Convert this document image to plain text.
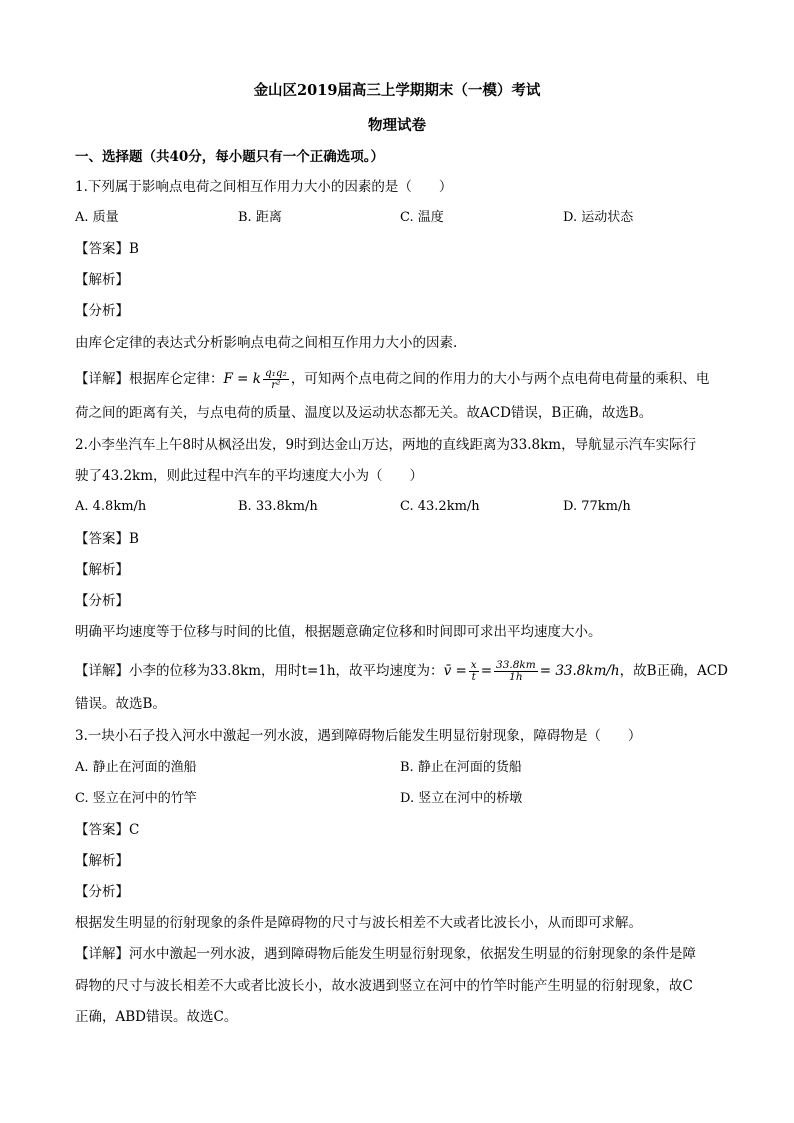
金山区2019届高三上学期期末（一模）考试
物理试卷
一、选择题（共40分，每小题只有一个正确选项。）
1.下列属于影响点电荷之间相互作用力大小的因素的是（　　）
A. 质量	B. 距离	C. 温度	D. 运动状态
【答案】B
【解析】
【分析】
由库仑定律的表达式分析影响点电荷之间相互作用力大小的因素.
【详解】根据库仑定律：F = k $\frac{\text{q₁q₂}}{\text{r²}}$ ，可知两个点电荷之间的作用力的大小与两个点电荷电荷量的乘积、电
荷之间的距离有关，与点电荷的质量、温度以及运动状态都无关。故ACD错误，B正确，故选B。
2.小李坐汽车上午8时从枫泾出发，9时到达金山万达，两地的直线距离为33.8km，导航显示汽车实际行
驶了43.2km，则此过程中汽车的平均速度大小为（　　）
A. 4.8km/h	B. 33.8km/h	C. 43.2km/h	D. 77km/h
【答案】B
【解析】
【分析】
明确平均速度等于位移与时间的比值，根据题意确定位移和时间即可求出平均速度大小。
【详解】小李的位移为33.8km，用时t=1h，故平均速度为：v̄ = $\frac{x}{t} = \frac{33.8km}{1h} = 33.8km/h$，故B正确，ACD
错误。故选B。
3.一块小石子投入河水中激起一列水波，遇到障碍物后能发生明显衍射现象，障碍物是（　　）
A. 静止在河面的渔船	B. 静止在河面的货船
C. 竖立在河中的竹竿	D. 竖立在河中的桥墩
【答案】C
【解析】
【分析】
根据发生明显的衍射现象的条件是障碍物的尺寸与波长相差不大或者比波长小，从而即可求解。
【详解】河水中激起一列水波，遇到障碍物后能发生明显衍射现象，依据发生明显的衍射现象的条件是障
碍物的尺寸与波长相差不大或者比波长小，故水波遇到竖立在河中的竹竿时能产生明显的衍射现象，故C
正确，ABD错误。故选C。
